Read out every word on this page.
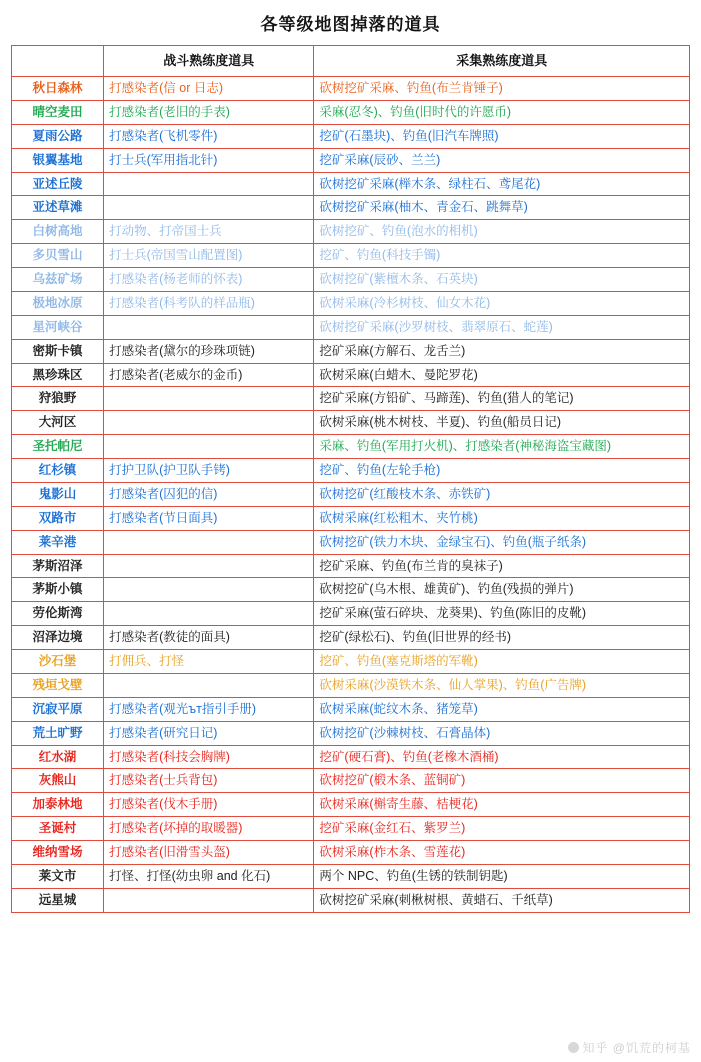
各等级地图掉落的道具
	战斗熟练度道具	采集熟练度道具
秋日森林	打感染者(信 or 日志)	砍树挖矿采麻、钓鱼(布兰肯锤子)
晴空麦田	打感染者(老旧的手表)	采麻(忍冬)、钓鱼(旧时代的许愿币)
夏雨公路	打感染者(飞机零件)	挖矿(石墨块)、钓鱼(旧汽车牌照)
银翼基地	打士兵(军用指北针)	挖矿采麻(辰砂、兰兰)
亚述丘陵		砍树挖矿采麻(榉木条、绿柱石、鸢尾花)
亚述草滩		砍树挖矿采麻(柚木、青金石、跳舞草)
白树高地	打动物、打帝国士兵	砍树挖矿、钓鱼(泡水的相机)
多贝雪山	打士兵(帝国雪山配置图)	挖矿、钓鱼(科技手镯)
乌兹矿场	打感染者(杨老师的怀表)	砍树挖矿(紫檀木条、石英块)
极地冰原	打感染者(科考队的样品瓶)	砍树采麻(冷杉树枝、仙女木花)
星河峡谷		砍树挖矿采麻(沙罗树枝、翡翠原石、蛇莲)
密斯卡镇	打感染者(黛尔的珍珠项链)	挖矿采麻(方解石、龙舌兰)
黑珍珠区	打感染者(老威尔的金币)	砍树采麻(白蜡木、曼陀罗花)
狩狼野		挖矿采麻(方铅矿、马蹄莲)、钓鱼(猎人的笔记)
大河区		砍树采麻(桃木树枝、半夏)、钓鱼(船员日记)
圣托帕尼		采麻、钓鱼(军用打火机)、打感染者(神秘海盗宝藏图)
红杉镇	打护卫队(护卫队手铐)	挖矿、钓鱼(左轮手枪)
鬼影山	打感染者(囚犯的信)	砍树挖矿(红酸枝木条、赤铁矿)
双路市	打感染者(节日面具)	砍树采麻(红松粗木、夹竹桃)
莱辛港		砍树挖矿(铁力木块、金绿宝石)、钓鱼(瓶子纸条)
茅斯沼泽		挖矿采麻、钓鱼(布兰肯的臭袜子)
茅斯小镇		砍树挖矿(乌木根、雄黄矿)、钓鱼(残损的弹片)
劳伦斯湾		挖矿采麻(萤石碎块、龙葵果)、钓鱼(陈旧的皮靴)
沼泽边境	打感染者(教徒的面具)	挖矿(绿松石)、钓鱼(旧世界的经书)
沙石堡	打佣兵、打怪	挖矿、钓鱼(塞克斯塔的军靴)
残垣戈壁		砍树采麻(沙漠铁木条、仙人掌果)、钓鱼(广告牌)
沉寂平原	打感染者(观光ът指引手册)	砍树采麻(蛇纹木条、猪笼草)
荒土旷野	打感染者(研究日记)	砍树挖矿(沙棘树枝、石膏晶体)
红水湖	打感染者(科技会胸牌)	挖矿(硬石膏)、钓鱼(老橡木酒桶)
灰熊山	打感染者(士兵背包)	砍树挖矿(椴木条、蓝铜矿)
加泰林地	打感染者(伐木手册)	砍树采麻(槲寄生藤、桔梗花)
圣诞村	打感染者(坏掉的取暖器)	挖矿采麻(金红石、紫罗兰)
维纳雪场	打感染者(旧滑雪头盔)	砍树采麻(柞木条、雪莲花)
莱文市	打怪、打怪(幼虫卵 and 化石)	两个 NPC、钓鱼(生锈的铁制钥匙)
远星城		砍树挖矿采麻(刺楸树根、黄蜡石、千纸草)
知乎 @饥荒的柯基
